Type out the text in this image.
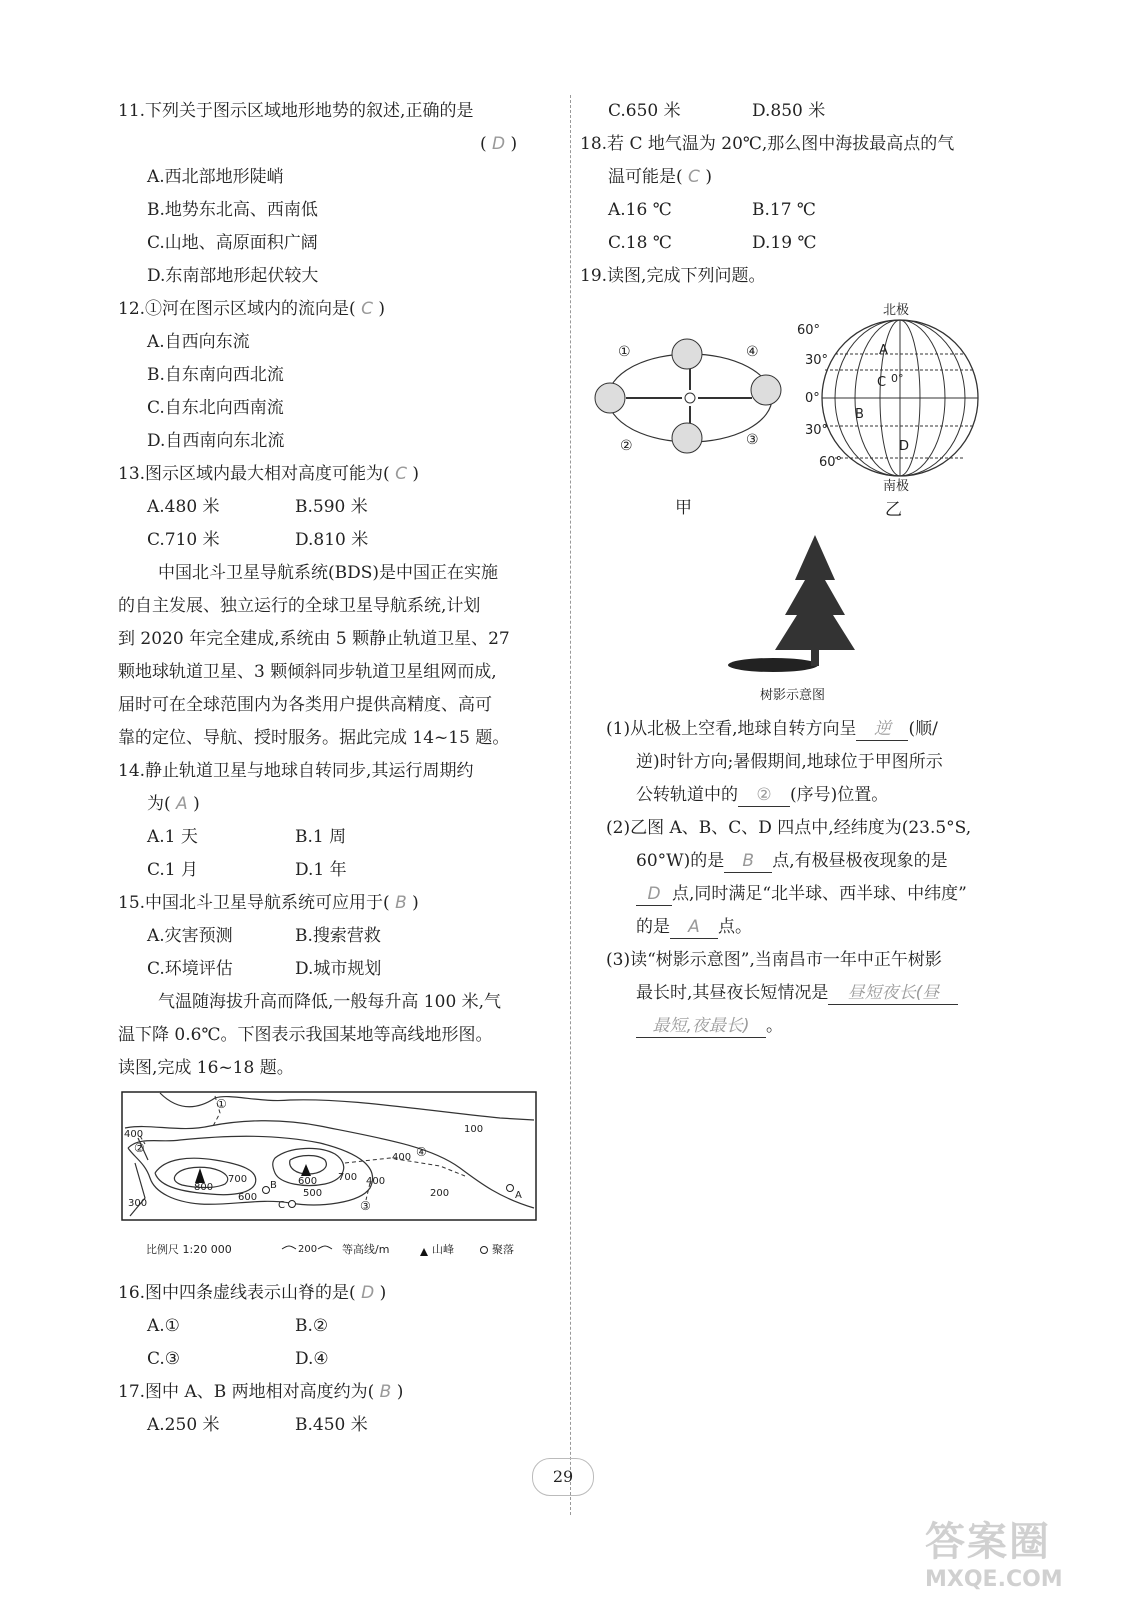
11.下列关于图示区域地形地势的叙述,正确的是
( D )
A.西北部地形陡峭
B.地势东北高、西南低
C.山地、高原面积广阔
D.东南部地形起伏较大
12.①河在图示区域内的流向是( C )
A.自西向东流
B.自东南向西北流
C.自东北向西南流
D.自西南向东北流
13.图示区域内最大相对高度可能为( C )
A.480 米	B.590 米
C.710 米	D.810 米
中国北斗卫星导航系统(BDS)是中国正在实施
的自主发展、独立运行的全球卫星导航系统,计划
到 2020 年完全建成,系统由 5 颗静止轨道卫星、27
颗地球轨道卫星、3 颗倾斜同步轨道卫星组网而成,
届时可在全球范围内为各类用户提供高精度、高可
靠的定位、导航、授时服务。据此完成 14~15 题。
14.静止轨道卫星与地球自转同步,其运行周期约
为( A )
A.1 天	B.1 周
C.1 月	D.1 年
15.中国北斗卫星导航系统可应用于( B )
A.灾害预测	B.搜索营救
C.环境评估	D.城市规划
气温随海拔升高而降低,一般每升高 100 米,气
温下降 0.6℃。下图表示我国某地等高线地形图。
读图,完成 16~18 题。
100
400
700
700
800	B
600
600
500
C
400
200	A
300
400
①
②
③
④
比例尺 1:20 000	200 等高线/m	山峰	聚落
16.图中四条虚线表示山脊的是( D )
A.①	B.②
C.③	D.④
17.图中 A、B 两地相对高度约为( B )
A.250 米	B.450 米
C.650 米	D.850 米
18.若 C 地气温为 20℃,那么图中海拔最高点的气
温可能是( C )
A.16 ℃	B.17 ℃
C.18 ℃	D.19 ℃
19.读图,完成下列问题。
①
②	③
④
甲
北极
南极
60°
30°
0°
30°
60°
A
B
C 0°
D
乙
树影示意图
(1)从北极上空看,地球自转方向呈 逆 (顺/
逆)时针方向;暑假期间,地球位于甲图所示
公转轨道中的 ② (序号)位置。
(2)乙图 A、B、C、D 四点中,经纬度为(23.5°S,
60°W)的是 B 点,有极昼极夜现象的是
D 点,同时满足“北半球、西半球、中纬度”
的是 A 点。
(3)读“树影示意图”,当南昌市一年中正午树影
最长时,其昼夜长短情况是 昼短夜长(昼
最短,夜最长) 。
29
答案圈
MXQE.COM
